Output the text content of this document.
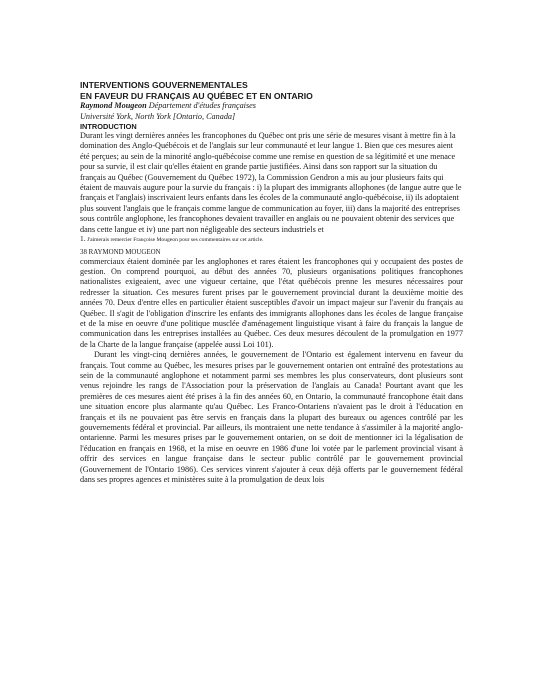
INTERVENTIONS GOUVERNEMENTALES

EN FAVEUR DU FRANÇAIS AU QUÉBEC ET EN ONTARIO

Raymond Mougeon Département d'études françaises

Université York, North York [Ontario, Canada]

INTRODUCTION

Durant les vingt dernières années les francophones du Québec ont pris une série de mesures visant à mettre fin à la domination des Anglo-Québécois et de l'anglais sur leur communauté et leur langue 1. Bien que ces mesures aient été perçues; au sein de la minorité anglo-québécoise comme une remise en question de sa légitimité et une menace pour sa survie, il est clair qu'elles étaient en grande partie justifiées. Ainsi dans son rapport sur la situation du français au Québec (Gouvernement du Québec 1972), la Commission Gendron a mis au jour plusieurs faits qui étaient de mauvais augure pour la survie du français : i) la plupart des immigrants allophones (de langue autre que le français et l'anglais) inscrivaient leurs enfants dans les écoles de la communauté anglo-québécoise, ii) ils adoptaient plus souvent l'anglais que le français comme langue de communication au foyer, iii) dans la majorité des entreprises sous contrôle anglophone, les francophones devaient travailler en anglais ou ne pouvaient obtenir des services que dans cette langue et iv) une part non négligeable des secteurs industriels et

1. J'aimerais remercier Françoise Mougeon pour ses commentaires sur cet article.

38 RAYMOND MOUGEON

commerciaux étaient dominée par les anglophones et rares étaient les francophones qui y occupaient des postes de gestion. On comprend pourquoi, au début des années 70, plusieurs organisations politiques francophones nationalistes exigeaient, avec une vigueur certaine, que l'état québécois prenne les mesures nécessaires pour redresser la situation. Ces mesures furent prises par le gouvernement provincial durant la deuxième moitie des années 70. Deux d'entre elles en particulier étaient susceptibles d'avoir un impact majeur sur l'avenir du français au Québec. Il s'agit de l'obligation d'inscrire les enfants des immigrants allophones dans les écoles de langue française et de la mise en oeuvre d'une politique musclée d'aménagement linguistique visant à faire du français la langue de communication dans les entreprises installées au Québec. Ces deux mesures découlent de la promulgation en 1977 de la Charte de la langue française (appelée aussi Loi 101).

Durant les vingt-cinq dernières années, le gouvernement de l'Ontario est également intervenu en faveur du français. Tout comme au Québec, les mesures prises par le gouvernement ontarien ont entraîné des protestations au sein de la communauté anglophone et notamment parmi ses membres les plus conservateurs, dont plusieurs sont venus rejoindre les rangs de l'Association pour la préservation de l'anglais au Canada! Pourtant avant que les premières de ces mesures aient été prises à la fin des années 60, en Ontario, la communauté francophone était dans une situation encore plus alarmante qu'au Québec. Les Franco-Ontariens n'avaient pas le droit à l'éducation en français et ils ne pouvaient pas être servis en français dans la plupart des bureaux ou agences contrôlé par les gouvernements fédéral et provincial. Par ailleurs, ils montraient une nette tendance à s'assimiler à la majorité anglo-ontarienne. Parmi les mesures prises par le gouvernement ontarien, on se doit de mentionner ici la légalisation de l'éducation en français en 1968, et la mise en oeuvre en 1986 d'une loi votée par le parlement provincial visant à offrir des services en langue française dans le secteur public contrôlé par le gouvernement provincial (Gouvernement de l'Ontario 1986). Ces services vinrent s'ajouter à ceux déjà offerts par le gouvernement fédéral dans ses propres agences et ministères suite à la promulgation de deux lois
